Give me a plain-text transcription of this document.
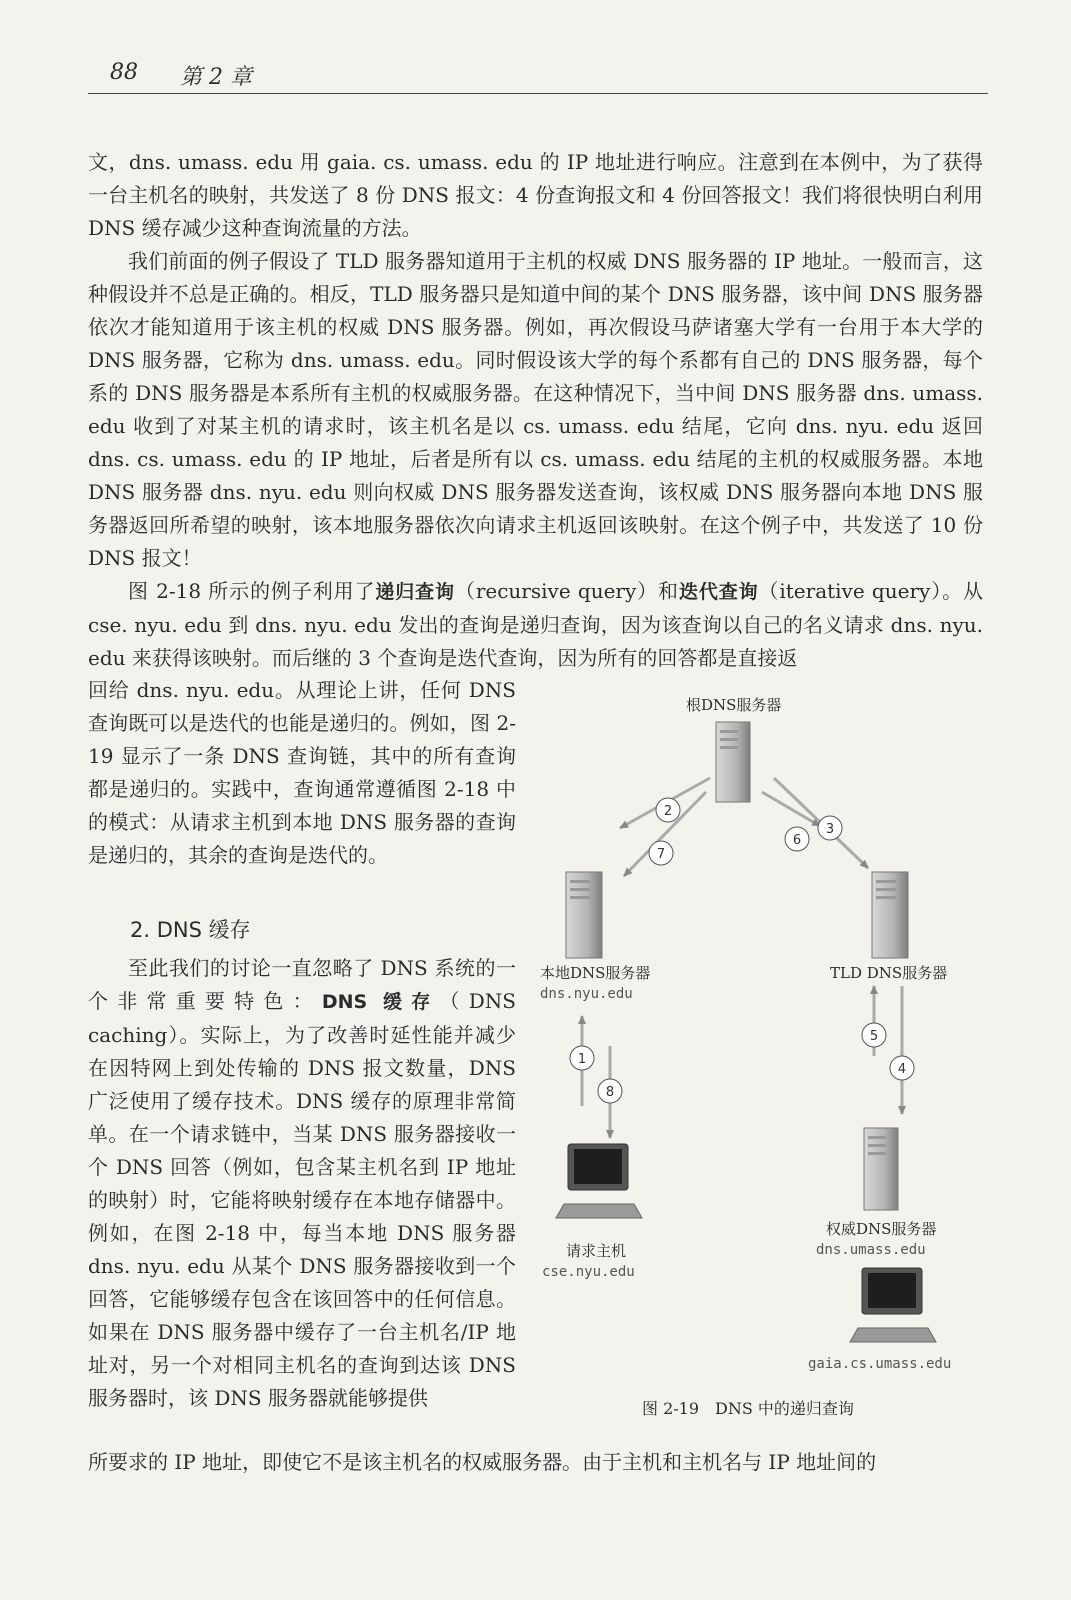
88 第 2 章

文，dns. umass. edu 用 gaia. cs. umass. edu 的 IP 地址进行响应。注意到在本例中，为了获得一台主机名的映射，共发送了 8 份 DNS 报文：4 份查询报文和 4 份回答报文！我们将很快明白利用 DNS 缓存减少这种查询流量的方法。

我们前面的例子假设了 TLD 服务器知道用于主机的权威 DNS 服务器的 IP 地址。一般而言，这种假设并不总是正确的。相反，TLD 服务器只是知道中间的某个 DNS 服务器，该中间 DNS 服务器依次才能知道用于该主机的权威 DNS 服务器。例如，再次假设马萨诸塞大学有一台用于本大学的 DNS 服务器，它称为 dns. umass. edu。同时假设该大学的每个系都有自己的 DNS 服务器，每个系的 DNS 服务器是本系所有主机的权威服务器。在这种情况下，当中间 DNS 服务器 dns. umass. edu 收到了对某主机的请求时，该主机名是以 cs. umass. edu 结尾，它向 dns. nyu. edu 返回 dns. cs. umass. edu 的 IP 地址，后者是所有以 cs. umass. edu 结尾的主机的权威服务器。本地 DNS 服务器 dns. nyu. edu 则向权威 DNS 服务器发送查询，该权威 DNS 服务器向本地 DNS 服务器返回所希望的映射，该本地服务器依次向请求主机返回该映射。在这个例子中，共发送了 10 份 DNS 报文！

图 2-18 所示的例子利用了递归查询（recursive query）和迭代查询（iterative query）。从 cse. nyu. edu 到 dns. nyu. edu 发出的查询是递归查询，因为该查询以自己的名义请求 dns. nyu. edu 来获得该映射。而后继的 3 个查询是迭代查询，因为所有的回答都是直接返

回给 dns. nyu. edu。从理论上讲，任何 DNS 查询既可以是迭代的也能是递归的。例如，图 2-19 显示了一条 DNS 查询链，其中的所有查询都是递归的。实践中，查询通常遵循图 2-18 中的模式：从请求主机到本地 DNS 服务器的查询是递归的，其余的查询是迭代的。

2. DNS 缓存

至此我们的讨论一直忽略了 DNS 系统的一个非常重要特色：DNS 缓存（DNS caching）。实际上，为了改善时延性能并减少在因特网上到处传输的 DNS 报文数量，DNS 广泛使用了缓存技术。DNS 缓存的原理非常简单。在一个请求链中，当某 DNS 服务器接收一个 DNS 回答（例如，包含某主机名到 IP 地址的映射）时，它能将映射缓存在本地存储器中。例如，在图 2-18 中，每当本地 DNS 服务器 dns. nyu. edu 从某个 DNS 服务器接收到一个回答，它能够缓存包含在该回答中的任何信息。如果在 DNS 服务器中缓存了一台主机名/IP 地址对，另一个对相同主机名的查询到达该 DNS 服务器时，该 DNS 服务器就能够提供

所要求的 IP 地址，即使它不是该主机名的权威服务器。由于主机和主机名与 IP 地址间的

2
7
6
3
1
8
5
4
根DNS服务器
本地DNS服务器
dns.nyu.edu
TLD DNS服务器
请求主机
cse.nyu.edu
权威DNS服务器
dns.umass.edu
gaia.cs.umass.edu
图 2-19　DNS 中的递归查询
